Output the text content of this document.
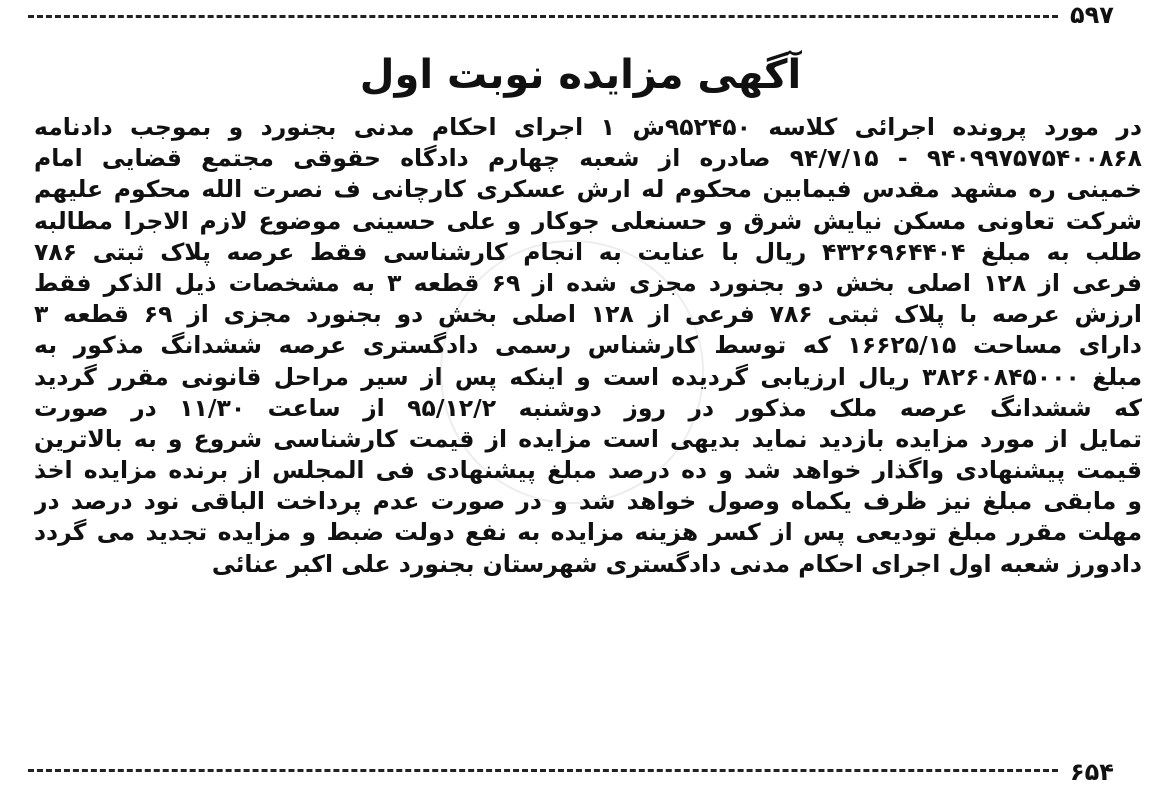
۵۹۷
آگهی مزایده نوبت اول
در مورد پرونده اجرائی کلاسه ۹۵۲۴۵۰ش ۱ اجرای احکام مدنی بجنورد و بموجب دادنامه
۹۴۰۹۹۷۵۷۵۴۰۰۸۶۸ - ۹۴/۷/۱۵ صادره از شعبه چهارم دادگاه حقوقی مجتمع قضایی امام
خمینی ره مشهد مقدس فیمابین محکوم له ارش عسکری کارچانی ف نصرت الله محکوم علیهم
شرکت تعاونی مسکن نیایش شرق و حسنعلی جوکار و علی حسینی موضوع لازم الاجرا مطالبه
طلب به مبلغ ۴۳۲۶۹۶۴۴۰۴ ریال با عنایت به انجام کارشناسی فقط عرصه پلاک ثبتی ۷۸۶
فرعی از ۱۲۸ اصلی بخش دو بجنورد مجزی شده از ۶۹ قطعه ۳ به مشخصات ذیل الذکر فقط
ارزش عرصه با پلاک ثبتی ۷۸۶ فرعی از ۱۲۸ اصلی بخش دو بجنورد مجزی از ۶۹ قطعه ۳
دارای مساحت ۱۶۶۲۵/۱۵ که توسط کارشناس رسمی دادگستری عرصه ششدانگ مذکور به
مبلغ ۳۸۲۶۰۸۴۵۰۰۰ ریال ارزیابی گردیده است و اینکه پس از سیر مراحل قانونی مقرر گردید
که ششدانگ عرصه ملک مذکور در روز دوشنبه ۹۵/۱۲/۲ از ساعت ۱۱/۳۰ در صورت
تمایل از مورد مزایده بازدید نماید بدیهی است مزایده از قیمت کارشناسی شروع و به بالاترین
قیمت پیشنهادی واگذار خواهد شد و ده درصد مبلغ پیشنهادی فی المجلس از برنده مزایده اخذ
و مابقی مبلغ نیز ظرف یکماه وصول خواهد شد و در صورت عدم پرداخت الباقی نود درصد در
مهلت مقرر مبلغ تودیعی پس از کسر هزینه مزایده به نفع دولت ضبط و مزایده تجدید می گردد
دادورز شعبه اول اجرای احکام مدنی دادگستری شهرستان بجنورد علی اکبر عنائی
۶۵۴
